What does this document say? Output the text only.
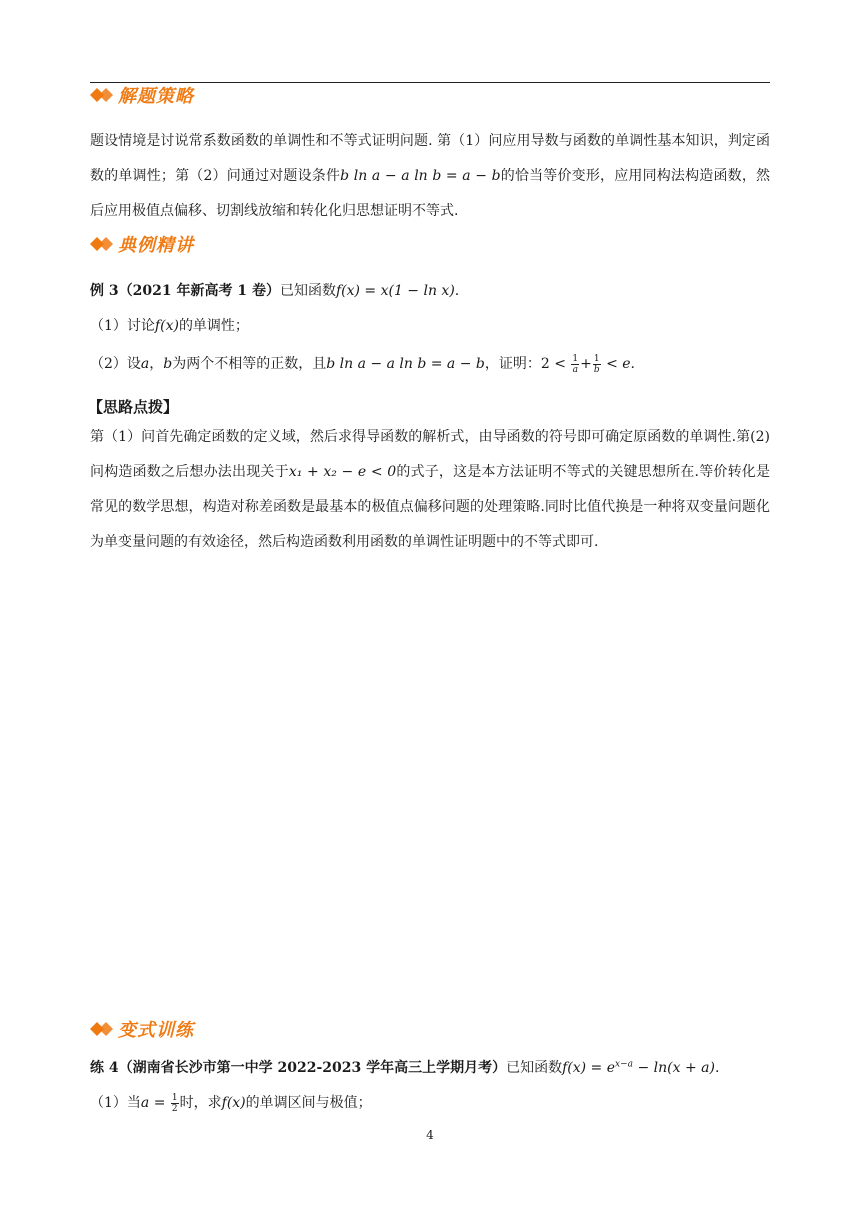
解题策略
题设情境是讨说常系数函数的单调性和不等式证明问题. 第（1）问应用导数与函数的单调性基本知识，判定函数的单调性；第（2）问通过对题设条件b ln a − a ln b = a − b的恰当等价变形，应用同构法构造函数，然后应用极值点偏移、切割线放缩和转化化归思想证明不等式.
典例精讲
例 3（2021 年新高考 1 卷）已知函数f(x) = x(1 − ln x).
（1）讨论f(x)的单调性；
（2）设a，b为两个不相等的正数，且b ln a − a ln b = a − b，证明：$2 < \frac{1}{a} + \frac{1}{b} < e$.
【思路点拨】
第（1）问首先确定函数的定义域，然后求得导函数的解析式，由导函数的符号即可确定原函数的单调性.第(2)问构造函数之后想办法出现关于x₁ + x₂ − e < 0的式子，这是本方法证明不等式的关键思想所在.等价转化是常见的数学思想，构造对称差函数是最基本的极值点偏移问题的处理策略.同时比值代换是一种将双变量问题化为单变量问题的有效途径，然后构造函数利用函数的单调性证明题中的不等式即可.
变式训练
练 4（湖南省长沙市第一中学 2022-2023 学年高三上学期月考）已知函数$f(x) = e^{x-a} - \ln(x + a)$.
（1）当$a = \frac{1}{2}$ 时，求f(x)的单调区间与极值；
4
